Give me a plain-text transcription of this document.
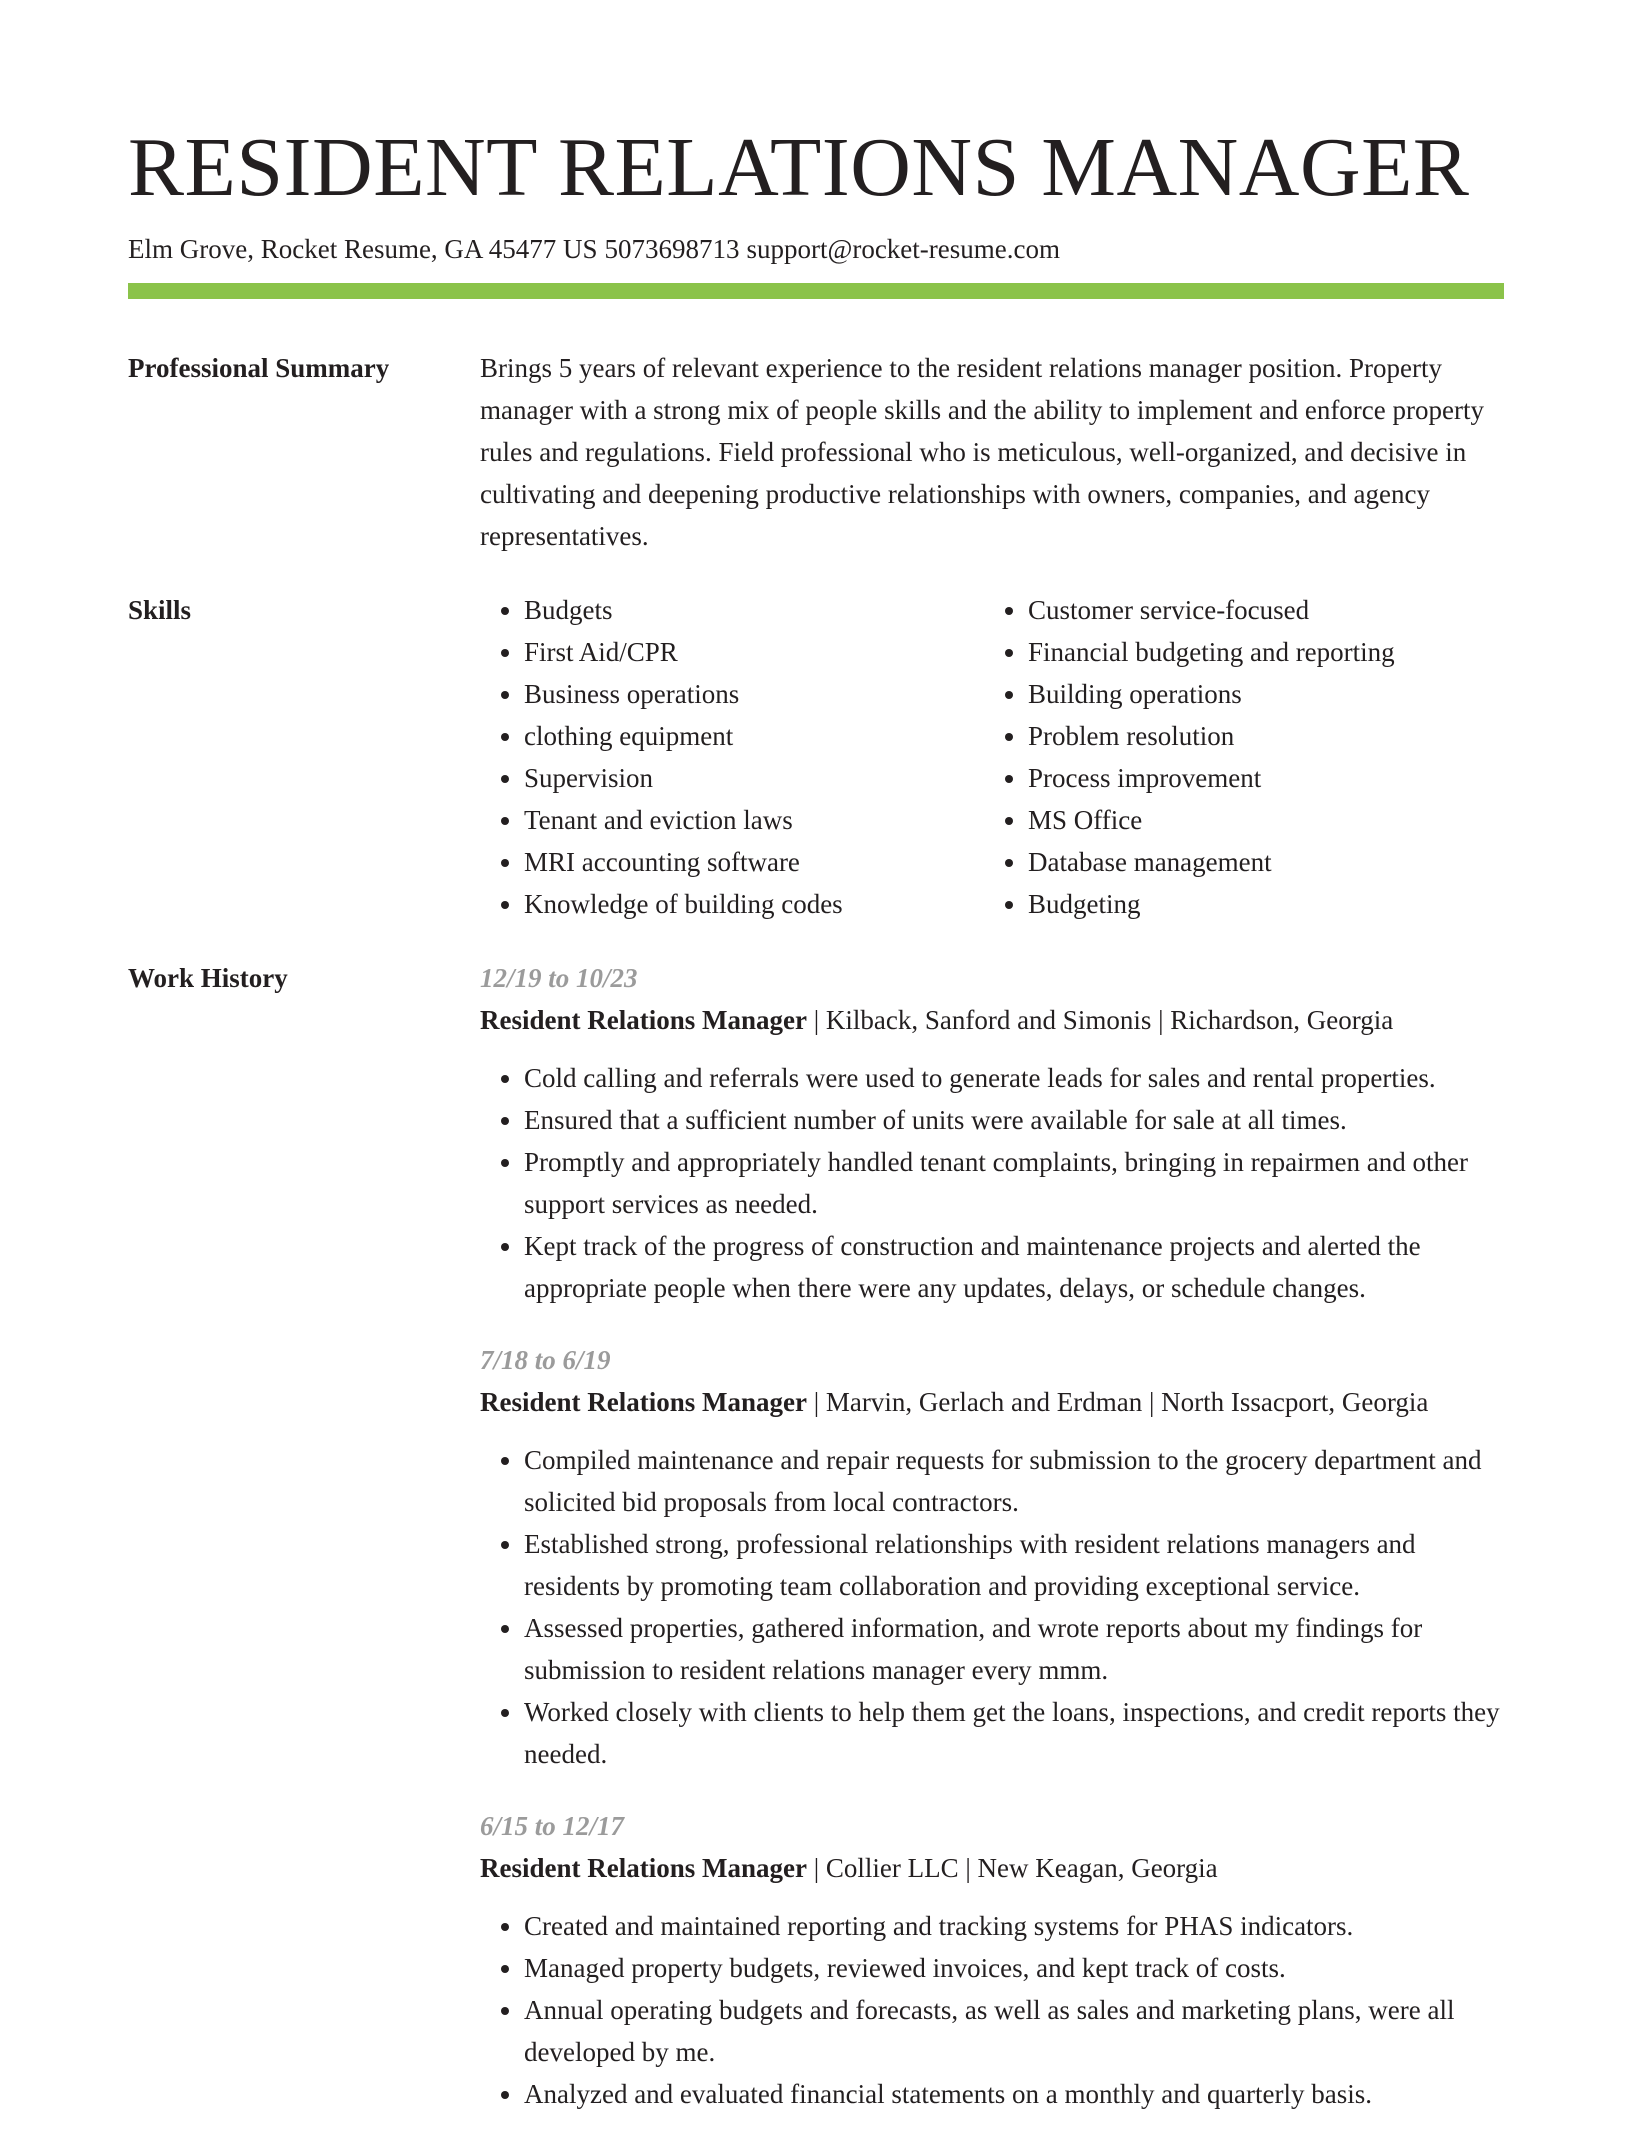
RESIDENT RELATIONS MANAGER
Elm Grove, Rocket Resume, GA 45477 US 5073698713 support@rocket-resume.com
Professional Summary	Brings 5 years of relevant experience to the resident relations manager position. Property manager with a strong mix of people skills and the ability to implement and enforce property rules and regulations. Field professional who is meticulous, well-organized, and decisive in cultivating and deepening productive relationships with owners, companies, and agency representatives.

Skills
•	Budgets
• First Aid/CPR
• Business operations
• clothing equipment
• Supervision
• Tenant and eviction laws
• MRI accounting software
• Knowledge of building codes
• Customer service-focused
• Financial budgeting and reporting
• Building operations
• Problem resolution
• Process improvement
• MS Office
• Database management
• Budgeting
Work History	12/19 to 10/23
Resident Relations Manager | Kilback, Sanford and Simonis | Richardson, Georgia
• Cold calling and referrals were used to generate leads for sales and rental properties.
• Ensured that a sufficient number of units were available for sale at all times.
• Promptly and appropriately handled tenant complaints, bringing in repairmen and other support services as needed.
• Kept track of the progress of construction and maintenance projects and alerted the appropriate people when there were any updates, delays, or schedule changes.
7/18 to 6/19
Resident Relations Manager | Marvin, Gerlach and Erdman | North Issacport, Georgia
• Compiled maintenance and repair requests for submission to the grocery department and solicited bid proposals from local contractors.
• Established strong, professional relationships with resident relations managers and residents by promoting team collaboration and providing exceptional service.
• Assessed properties, gathered information, and wrote reports about my findings for submission to resident relations manager every mmm.
• Worked closely with clients to help them get the loans, inspections, and credit reports they needed.
6/15 to 12/17
Resident Relations Manager | Collier LLC | New Keagan, Georgia
• Created and maintained reporting and tracking systems for PHAS indicators.
• Managed property budgets, reviewed invoices, and kept track of costs.
• Annual operating budgets and forecasts, as well as sales and marketing plans, were all developed by me.
• Analyzed and evaluated financial statements on a monthly and quarterly basis.
